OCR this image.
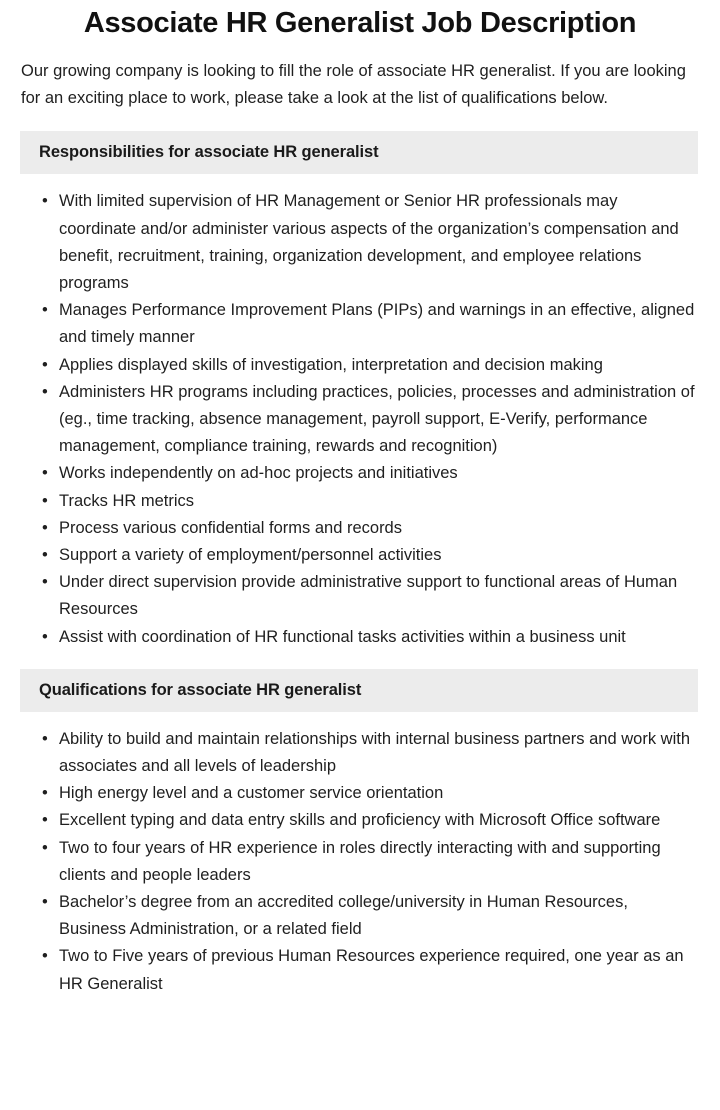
Associate HR Generalist Job Description

Our growing company is looking to fill the role of associate HR generalist. If you are looking for an exciting place to work, please take a look at the list of qualifications below.

Responsibilities for associate HR generalist
• With limited supervision of HR Management or Senior HR professionals may coordinate and/or administer various aspects of the organization’s compensation and benefit, recruitment, training, organization development, and employee relations programs
• Manages Performance Improvement Plans (PIPs) and warnings in an effective, aligned and timely manner
• Applies displayed skills of investigation, interpretation and decision making
• Administers HR programs including practices, policies, processes and administration of (eg., time tracking, absence management, payroll support, E-Verify, performance management, compliance training, rewards and recognition)
• Works independently on ad-hoc projects and initiatives
• Tracks HR metrics
• Process various confidential forms and records
• Support a variety of employment/personnel activities
• Under direct supervision provide administrative support to functional areas of Human Resources
• Assist with coordination of HR functional tasks activities within a business unit
Qualifications for associate HR generalist
• Ability to build and maintain relationships with internal business partners and work with associates and all levels of leadership
• High energy level and a customer service orientation
• Excellent typing and data entry skills and proficiency with Microsoft Office software
• Two to four years of HR experience in roles directly interacting with and supporting clients and people leaders
• Bachelor’s degree from an accredited college/university in Human Resources, Business Administration, or a related field
• Two to Five years of previous Human Resources experience required, one year as an HR Generalist
